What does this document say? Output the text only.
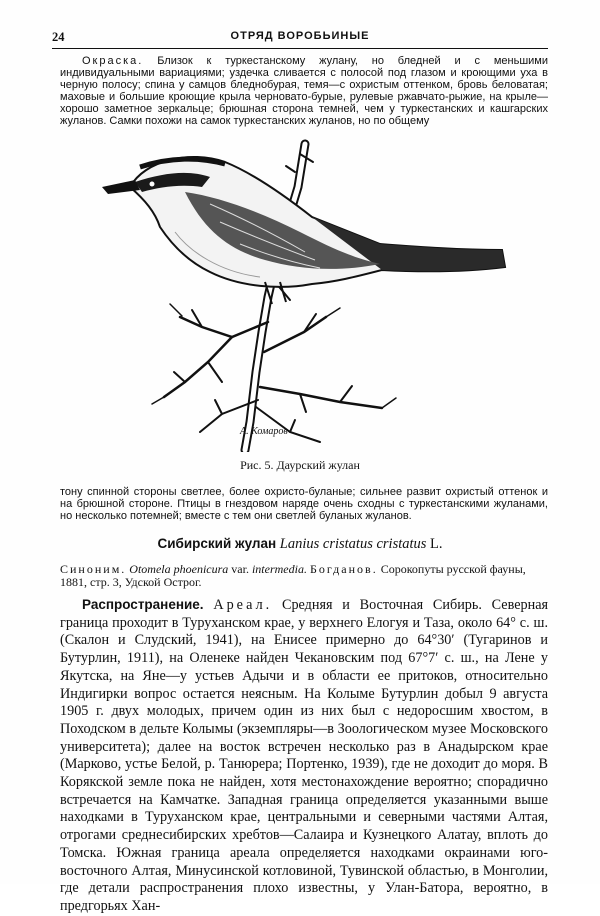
24	ОТРЯД ВОРОБЬИНЫЕ
Окраска. Близок к туркестанскому жулану, но бледней и с меньшими индивидуальными вариациями; уздечка сливается с полосой под глазом и кроющими уха в черную полосу; спина у самцов бледнобурая, темя—с охристым оттенком, бровь беловатая; маховые и большие кроющие крыла черновато-бурые, рулевые ржавчато-рыжие, на крыле—хорошо заметное зеркальце; брюшная сторона темней, чем у туркестанских и кашгарских жуланов. Самки похожи на самок туркестанских жуланов, но по общему
А. Комаров
Рис. 5. Даурский жулан
тону спинной стороны светлее, более охристо-буланые; сильнее развит охристый оттенок и на брюшной стороне. Птицы в гнездовом наряде очень сходны с туркестанскими жуланами, но несколько потемней; вместе с тем они светлей буланых жуланов.
Сибирский жулан Lanius cristatus cristatus L.
Синоним. Otomela phoenicura var. intermedia. Богданов. Сорокопуты русской фауны, 1881, стр. 3, Удской Острог.
Распространение. Ареал. Средняя и Восточная Сибирь. Северная граница проходит в Туруханском крае, у верхнего Елогуя и Таза, около 64° с. ш. (Скалон и Слудский, 1941), на Енисее примерно до 64°30′ (Тугаринов и Бутурлин, 1911), на Оленеке найден Чекановским под 67°7′ с. ш., на Лене у Якутска, на Яне—у устьев Адычи и в области ее притоков, относительно Индигирки вопрос остается неясным. На Колыме Бутурлин добыл 9 августа 1905 г. двух молодых, причем один из них был с недоросшим хвостом, в Походском в дельте Колымы (экземпляры—в Зоологическом музее Московского университета); далее на восток встречен несколько раз в Анадырском крае (Марково, устье Белой, р. Танюрера; Портенко, 1939), где не доходит до моря. В Корякской земле пока не найден, хотя местонахождение вероятно; спорадично встречается на Камчатке. Западная граница определяется указанными выше находками в Туруханском крае, центральными и северными частями Алтая, отрогами среднесибирских хребтов—Салаира и Кузнецкого Алатау, вплоть до Томска. Южная граница ареала определяется находками окраинами юго-восточного Алтая, Минусинской котловиной, Тувинской областью, в Монголии, где детали распространения плохо известны, у Улан-Батора, вероятно, в предгорьях Хан-
